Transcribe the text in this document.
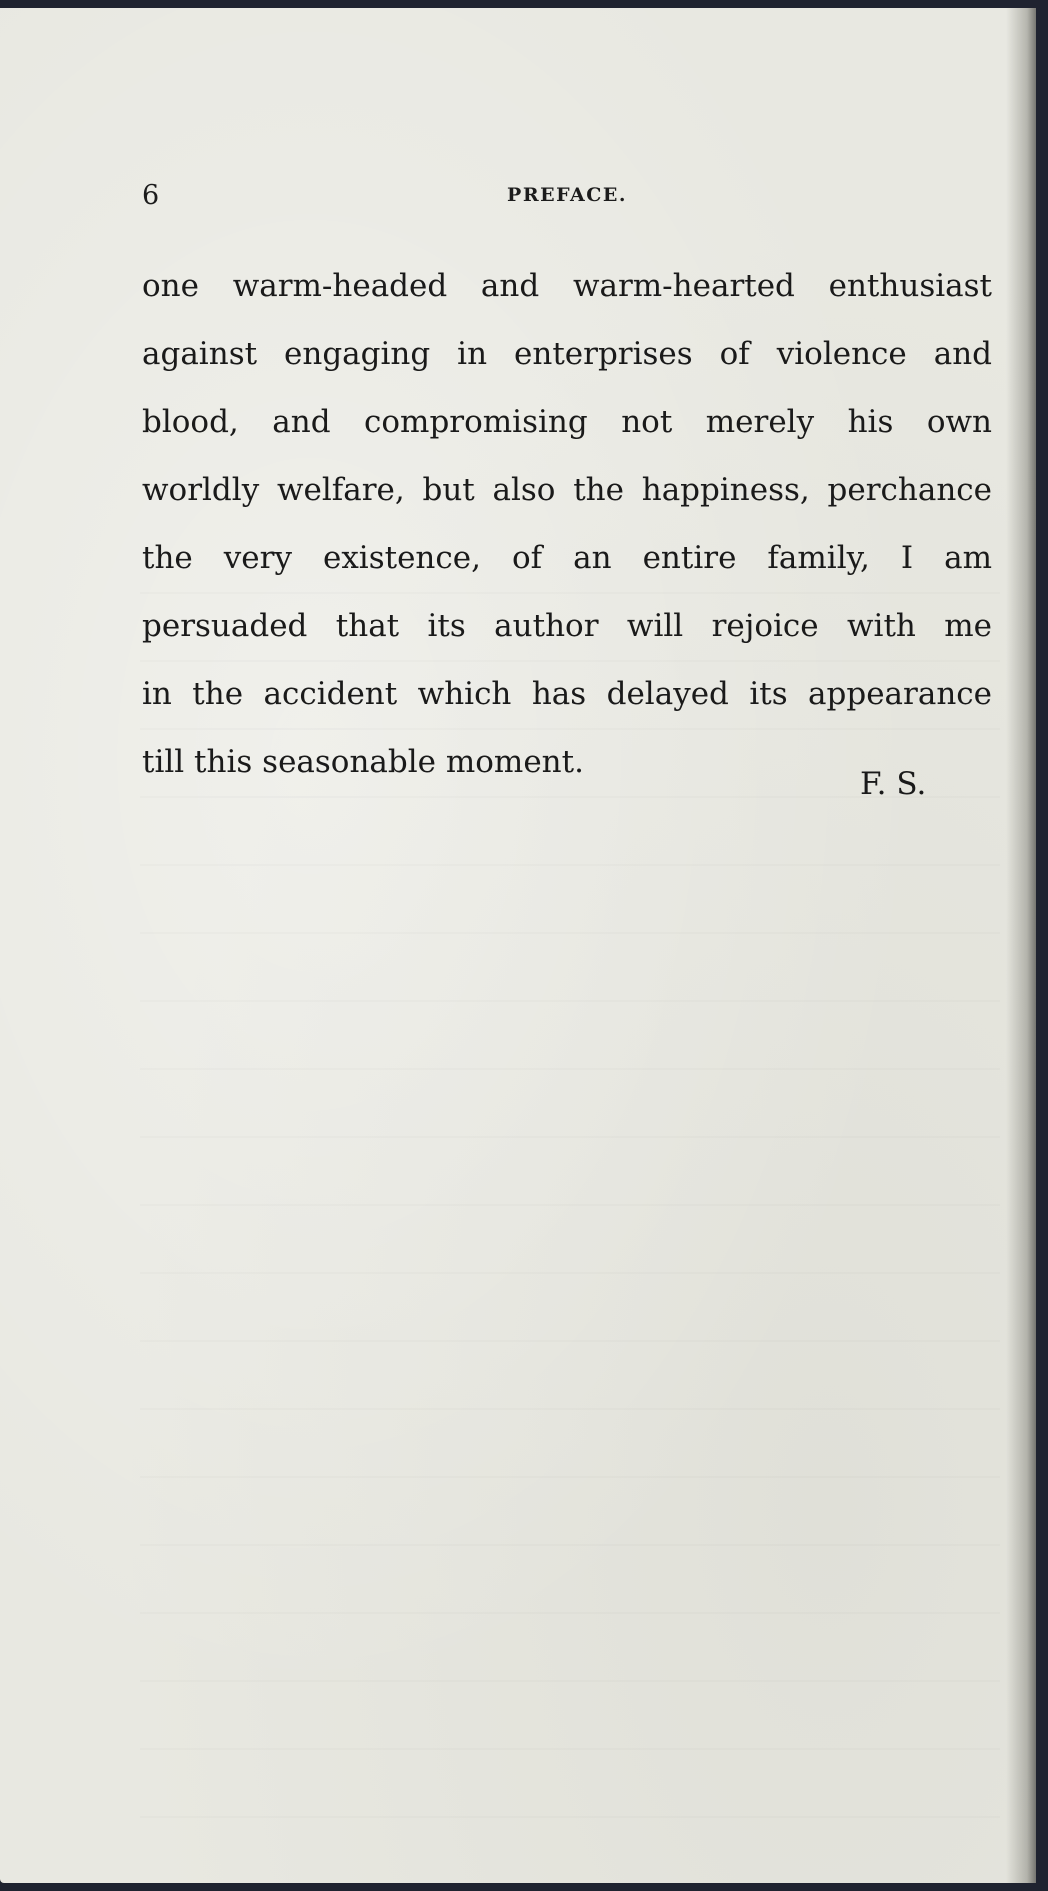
6	PREFACE.
one warm-headed and warm-hearted enthusiast
against engaging in enterprises of violence and
blood, and compromising not merely his own
worldly welfare, but also the happiness, perchance
the very existence, of an entire family, I am
persuaded that its author will rejoice with me
in the accident which has delayed its appearance
till this seasonable moment.
F. S.
